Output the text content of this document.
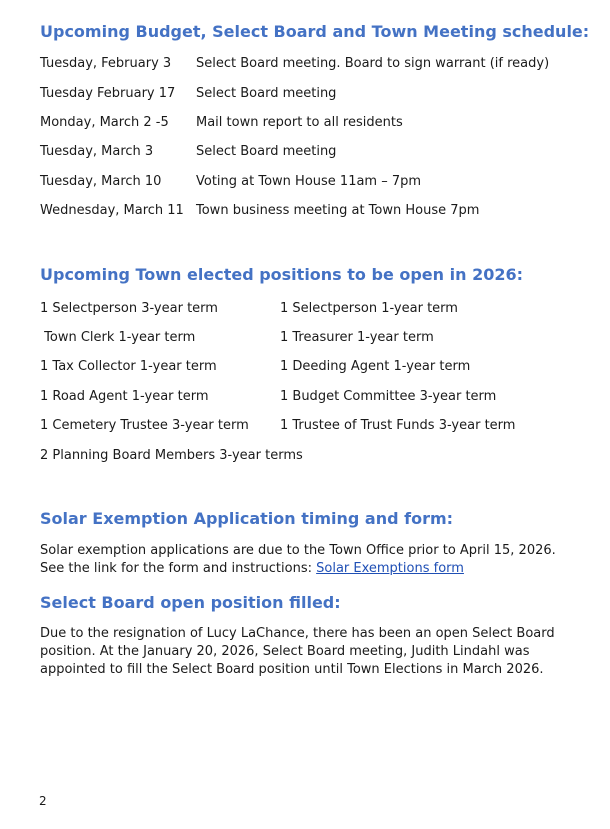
Upcoming Budget, Select Board and Town Meeting schedule:
Tuesday, February 3 Select Board meeting. Board to sign warrant (if ready)
Tuesday February 17 Select Board meeting
Monday, March 2 -5 Mail town report to all residents
Tuesday, March 3	Select Board meeting
Tuesday, March 10	Voting at Town House 11am – 7pm
Wednesday, March 11 Town business meeting at Town House 7pm
Upcoming Town elected positions to be open in 2026:
1 Selectperson 3-year term	1 Selectperson 1-year term
Town Clerk 1-year term	1 Treasurer 1-year term
1 Tax Collector 1-year term	1 Deeding Agent 1-year term
1 Road Agent 1-year term	1 Budget Committee 3-year term
1 Cemetery Trustee 3-year term 1 Trustee of Trust Funds 3-year term
2 Planning Board Members 3-year terms
Solar Exemption Application timing and form:

Solar exemption applications are due to the Town Office prior to April 15, 2026. See the link for the form and instructions: Solar Exemptions form

Select Board open position filled:

Due to the resignation of Lucy LaChance, there has been an open Select Board position. At the January 20, 2026, Select Board meeting, Judith Lindahl was appointed to fill the Select Board position until Town Elections in March 2026.

2
